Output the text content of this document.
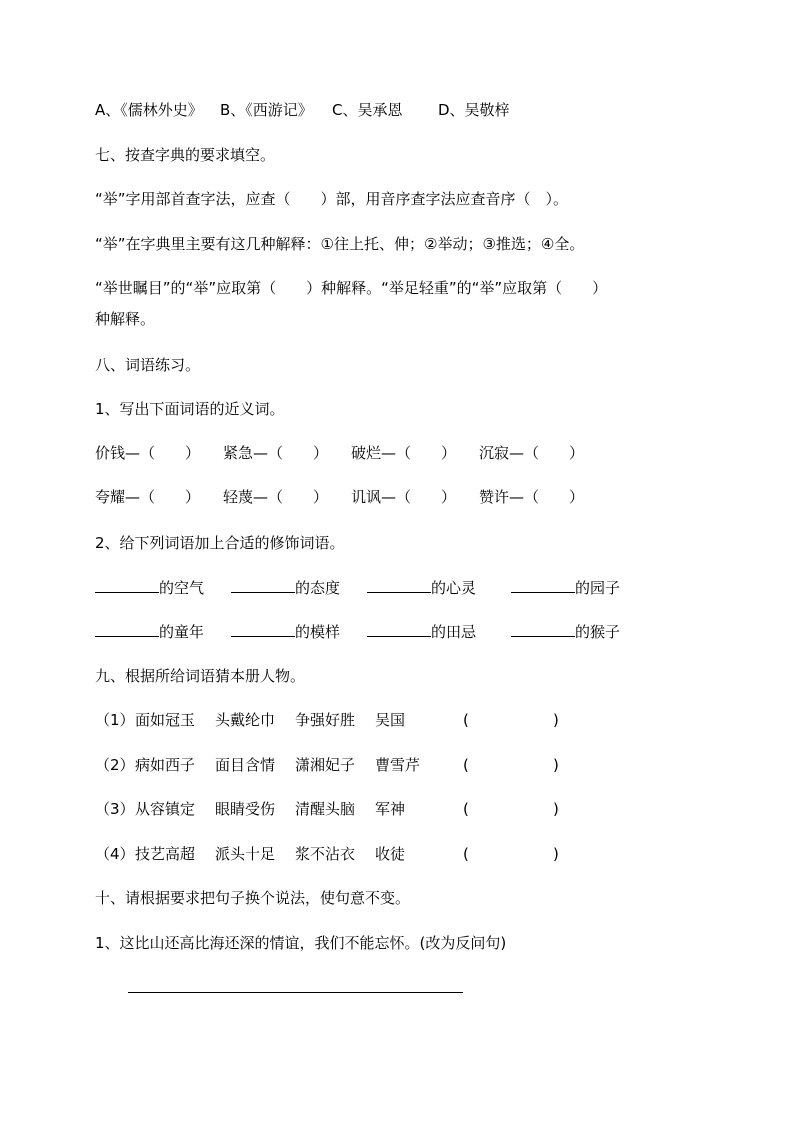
A、《儒林外史》 B、《西游记》 C、吴承恩 D、吴敬梓
七、按查字典的要求填空。
“举”字用部首查字法，应查（　　）部，用音序查字法应查音序（　）。
“举”在字典里主要有这几种解释：①往上托、伸；②举动；③推选；④全。
“举世瞩目”的“举”应取第（　　）种解释。“举足轻重”的“举”应取第（　　）
种解释。
八、词语练习。
1、写出下面词语的近义词。
价钱—（　　） 紧急—（　　） 破烂—（　　） 沉寂—（　　）
夸耀—（　　） 轻蔑—（　　） 讥讽—（　　） 赞许—（　　）
2、给下列词语加上合适的修饰词语。
的空气	的态度	的心灵	的园子
的童年	的模样	的田忌	的猴子
九、根据所给词语猜本册人物。
（1） 面如冠玉 头戴纶巾 争强好胜 吴国	(	)
（2） 病如西子 面目含情 潇湘妃子 曹雪芹	(	)
（3） 从容镇定 眼睛受伤 清醒头脑 军神	(	)
（4） 技艺高超 派头十足 浆不沾衣 收徒	(	)
十、请根据要求把句子换个说法，使句意不变。
1、这比山还高比海还深的情谊，我们不能忘怀。(改为反问句)
